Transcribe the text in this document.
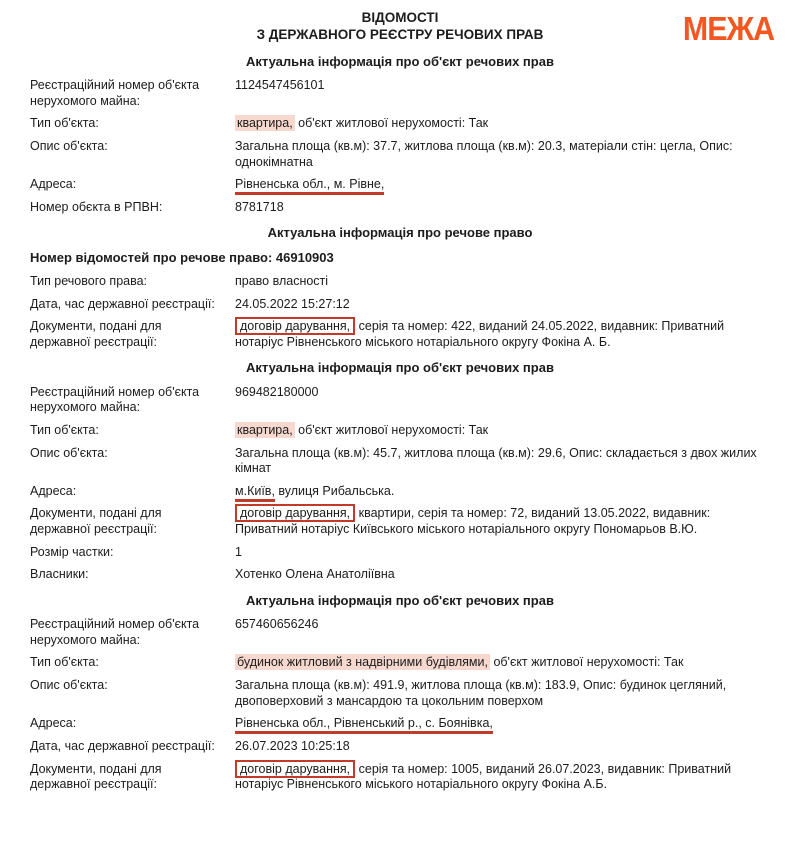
МЕЖА
ВІДОМОСТІ
З ДЕРЖАВНОГО РЕЄСТРУ РЕЧОВИХ ПРАВ
Актуальна інформація про об'єкт речових прав
Реєстраційний номер об'єкта нерухомого майна:
1124547456101
Тип об'єкта:	квартира, об'єкт житлової нерухомості: Так
Опис об'єкта:	Загальна площа (кв.м): 37.7, житлова площа (кв.м): 20.3, матеріали стін: цегла, Опис: однокімнатна
Адреса:	Рівненська обл., м. Рівне,
Номер обєкта в РПВН:	8781718
Актуальна інформація про речове право
Номер відомостей про речове право: 46910903
Тип речового права:	право власності
Дата, час державної реєстрації:	24.05.2022 15:27:12
Документи, подані для державної реєстрації:
договір дарування, серія та номер: 422, виданий 24.05.2022, видавник: Приватний нотаріус Рівненського міського нотаріального округу Фокіна А. Б.
Актуальна інформація про об'єкт речових прав
Реєстраційний номер об'єкта нерухомого майна:
969482180000
Тип об'єкта:	квартира, об'єкт житлової нерухомості: Так
Опис об'єкта:	Загальна площа (кв.м): 45.7, житлова площа (кв.м): 29.6, Опис: складається з двох жилих кімнат
Адреса:	м.Київ, вулиця Рибальська.
Документи, подані для державної реєстрації:
договір дарування, квартири, серія та номер: 72, виданий 13.05.2022, видавник: Приватний нотаріус Київського міського нотаріального округу Пономарьов В.Ю.
Розмір частки:	1
Власники:	Хотенко Олена Анатоліївна
Актуальна інформація про об'єкт речових прав
Реєстраційний номер об'єкта нерухомого майна:
657460656246
Тип об'єкта:	будинок житловий з надвірними будівлями, об'єкт житлової нерухомості: Так
Опис об'єкта:	Загальна площа (кв.м): 491.9, житлова площа (кв.м): 183.9, Опис: будинок цегляний, двоповерховий з мансардою та цокольним поверхом
Адреса:	Рівненська обл., Рівненський р., с. Боянівка,
Дата, час державної реєстрації:	26.07.2023 10:25:18
Документи, подані для державної реєстрації:
договір дарування, серія та номер: 1005, виданий 26.07.2023, видавник: Приватний нотаріус Рівненського міського нотаріального округу Фокіна А.Б.
